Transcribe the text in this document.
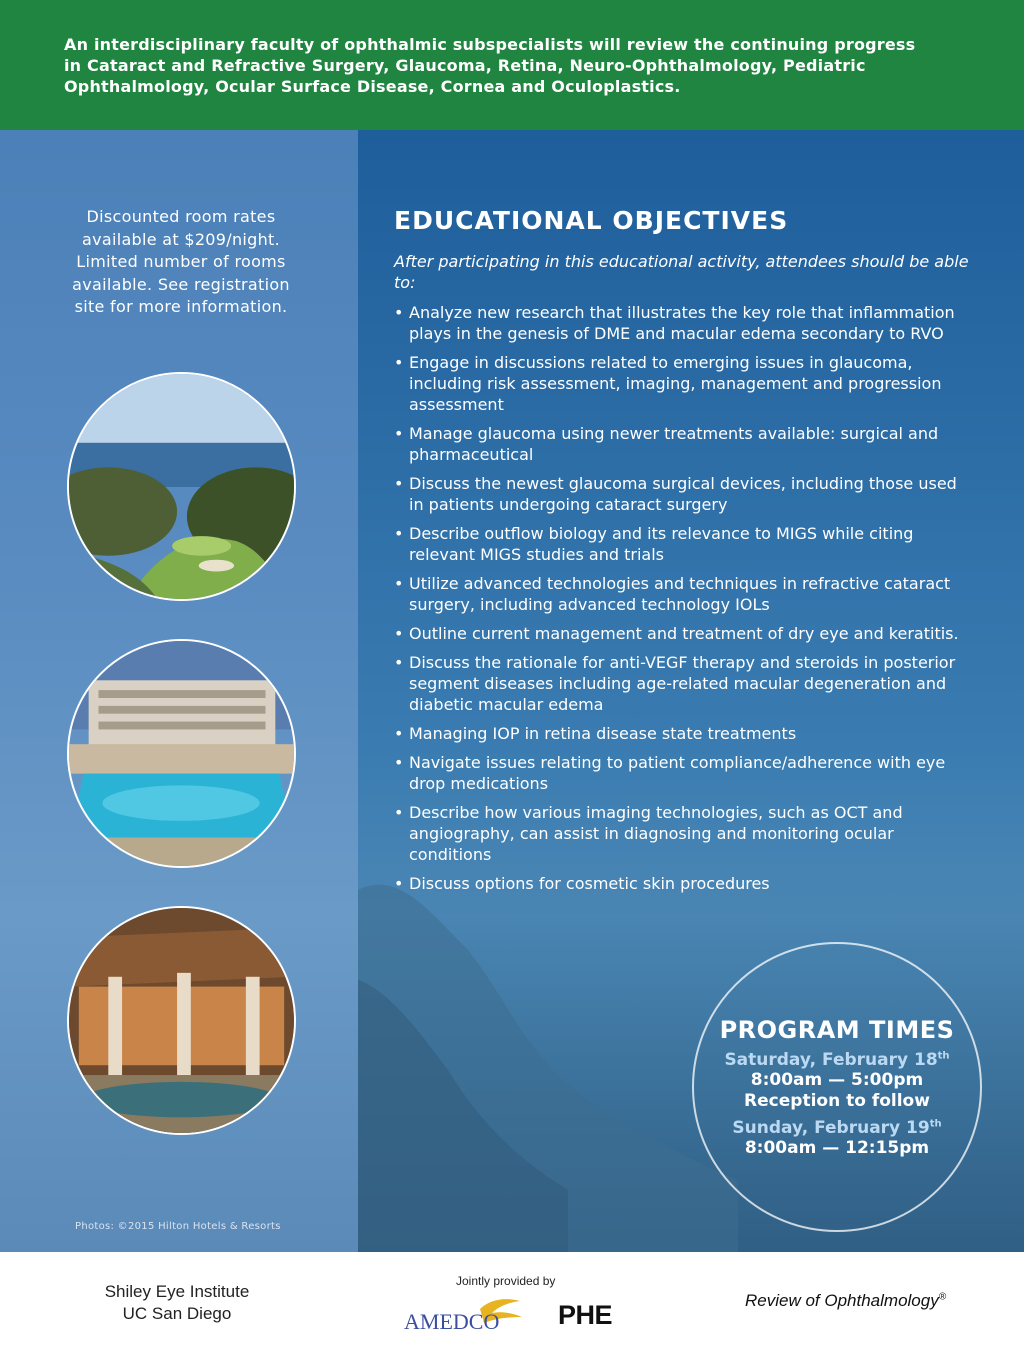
An interdisciplinary faculty of ophthalmic subspecialists will review the continuing progress
in Cataract and Refractive Surgery, Glaucoma, Retina, Neuro-Ophthalmology, Pediatric
Ophthalmology, Ocular Surface Disease, Cornea and Oculoplastics.
Discounted room rates
available at $209/night.
Limited number of rooms
available. See registration
site for more information.
Photos: ©2015 Hilton Hotels & Resorts
EDUCATIONAL OBJECTIVES
After participating in this educational activity, attendees should be able to:
• Analyze new research that illustrates the key role that inflammation plays in the genesis of DME and macular edema secondary to RVO
• Engage in discussions related to emerging issues in glaucoma, including risk assessment, imaging, management and progression assessment
• Manage glaucoma using newer treatments available: surgical and pharmaceutical
• Discuss the newest glaucoma surgical devices, including those used in patients undergoing cataract surgery
• Describe outflow biology and its relevance to MIGS while citing relevant MIGS studies and trials
• Utilize advanced technologies and techniques in refractive cataract surgery, including advanced technology IOLs
• Outline current management and treatment of dry eye and keratitis.
• Discuss the rationale for anti-VEGF therapy and steroids in posterior segment diseases including age-related macular degeneration and diabetic macular edema
• Managing IOP in retina disease state treatments
• Navigate issues relating to patient compliance/adherence with eye drop medications
• Describe how various imaging technologies, such as OCT and angiography, can assist in diagnosing and monitoring ocular conditions
• Discuss options for cosmetic skin procedures
PROGRAM TIMES
Saturday, February 18th
8:00am — 5:00pm
Reception to follow
Sunday, February 19th
8:00am — 12:15pm
Shiley Eye Institute
UC San Diego
Jointly provided by
AMEDCO PHE	Review of Ophthalmology®
